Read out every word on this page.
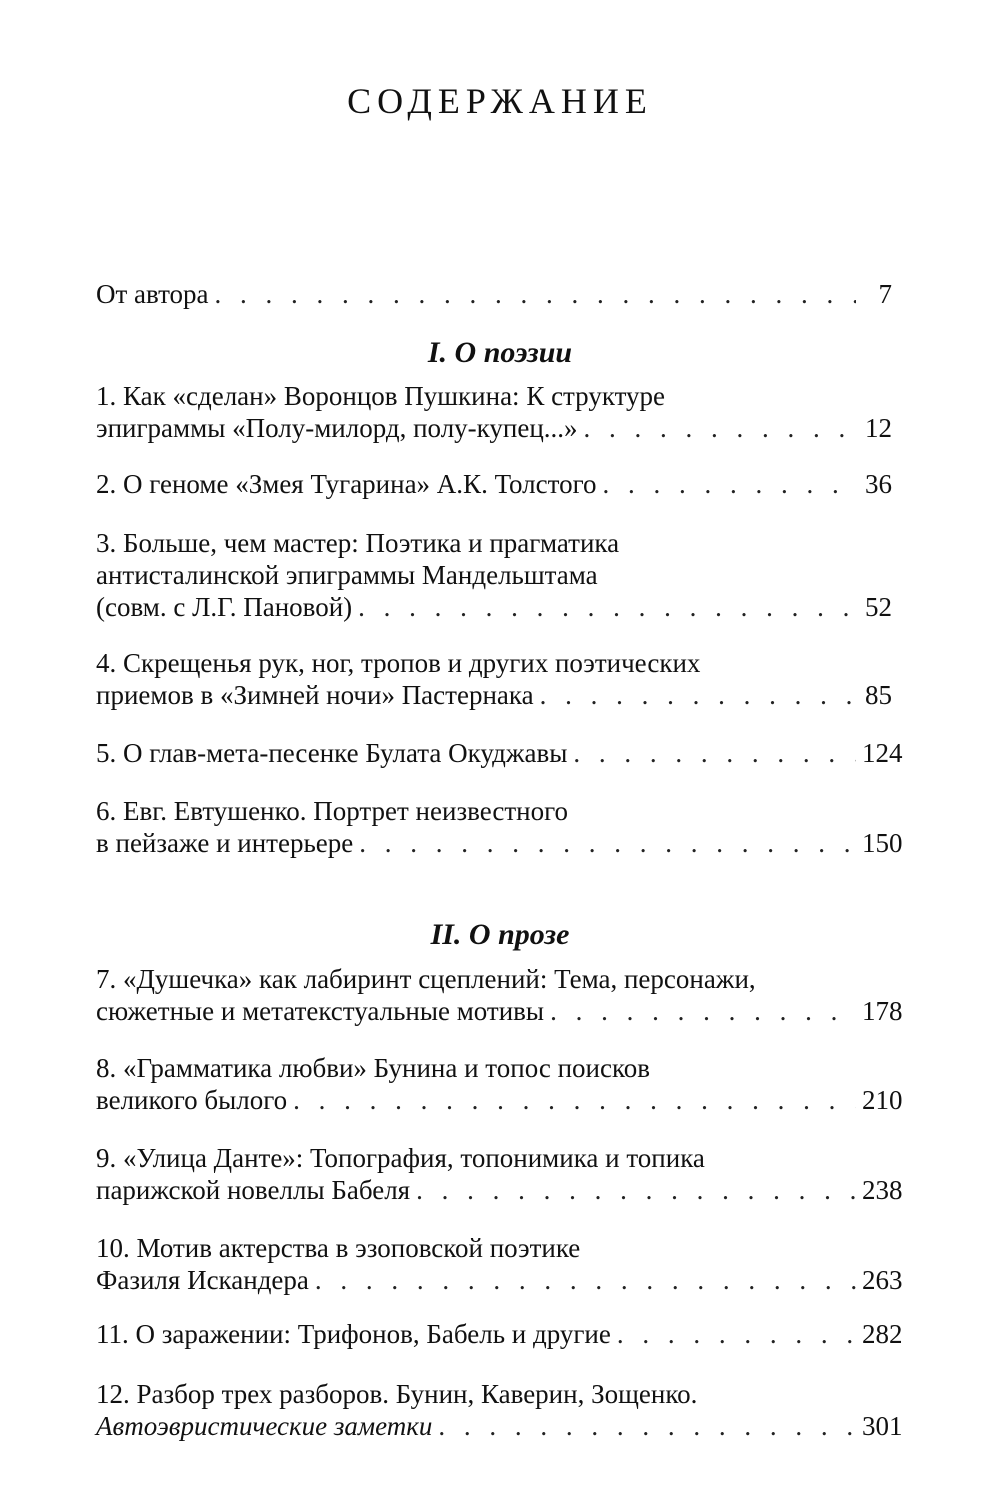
СОДЕРЖАНИЕ
От автора . . .	7
I. О поэзии
1. Как «сделан» Воронцов Пушкина: К структуре
эпиграммы «Полу-милорд, полу-купец...» . . .	12
2. О геноме «Змея Тугарина» А.К. Толстого . . .	36
3. Больше, чем мастер: Поэтика и прагматика
антисталинской эпиграммы Мандельштама
(совм. с Л.Г. Пановой) . . .	52
4. Скрещенья рук, ног, тропов и других поэтических
приемов в «Зимней ночи» Пастернака . . .	85
5. О глав-мета-песенке Булата Окуджавы . . .	124
6. Евг. Евтушенко. Портрет неизвестного
в пейзаже и интерьере . . .	150
II. О прозе
7. «Душечка» как лабиринт сцеплений: Тема, персонажи,
сюжетные и метатекстуальные мотивы . . .	178
8. «Грамматика любви» Бунина и топос поисков
великого былого . . .	210
9. «Улица Данте»: Топография, топонимика и топика
парижской новеллы Бабеля . . .	238
10. Мотив актерства в эзоповской поэтике
Фазиля Искандера . . .	263
11. О заражении: Трифонов, Бабель и другие . . .	282
12. Разбор трех разборов. Бунин, Каверин, Зощенко.
Автоэвристические заметки . . .	301
